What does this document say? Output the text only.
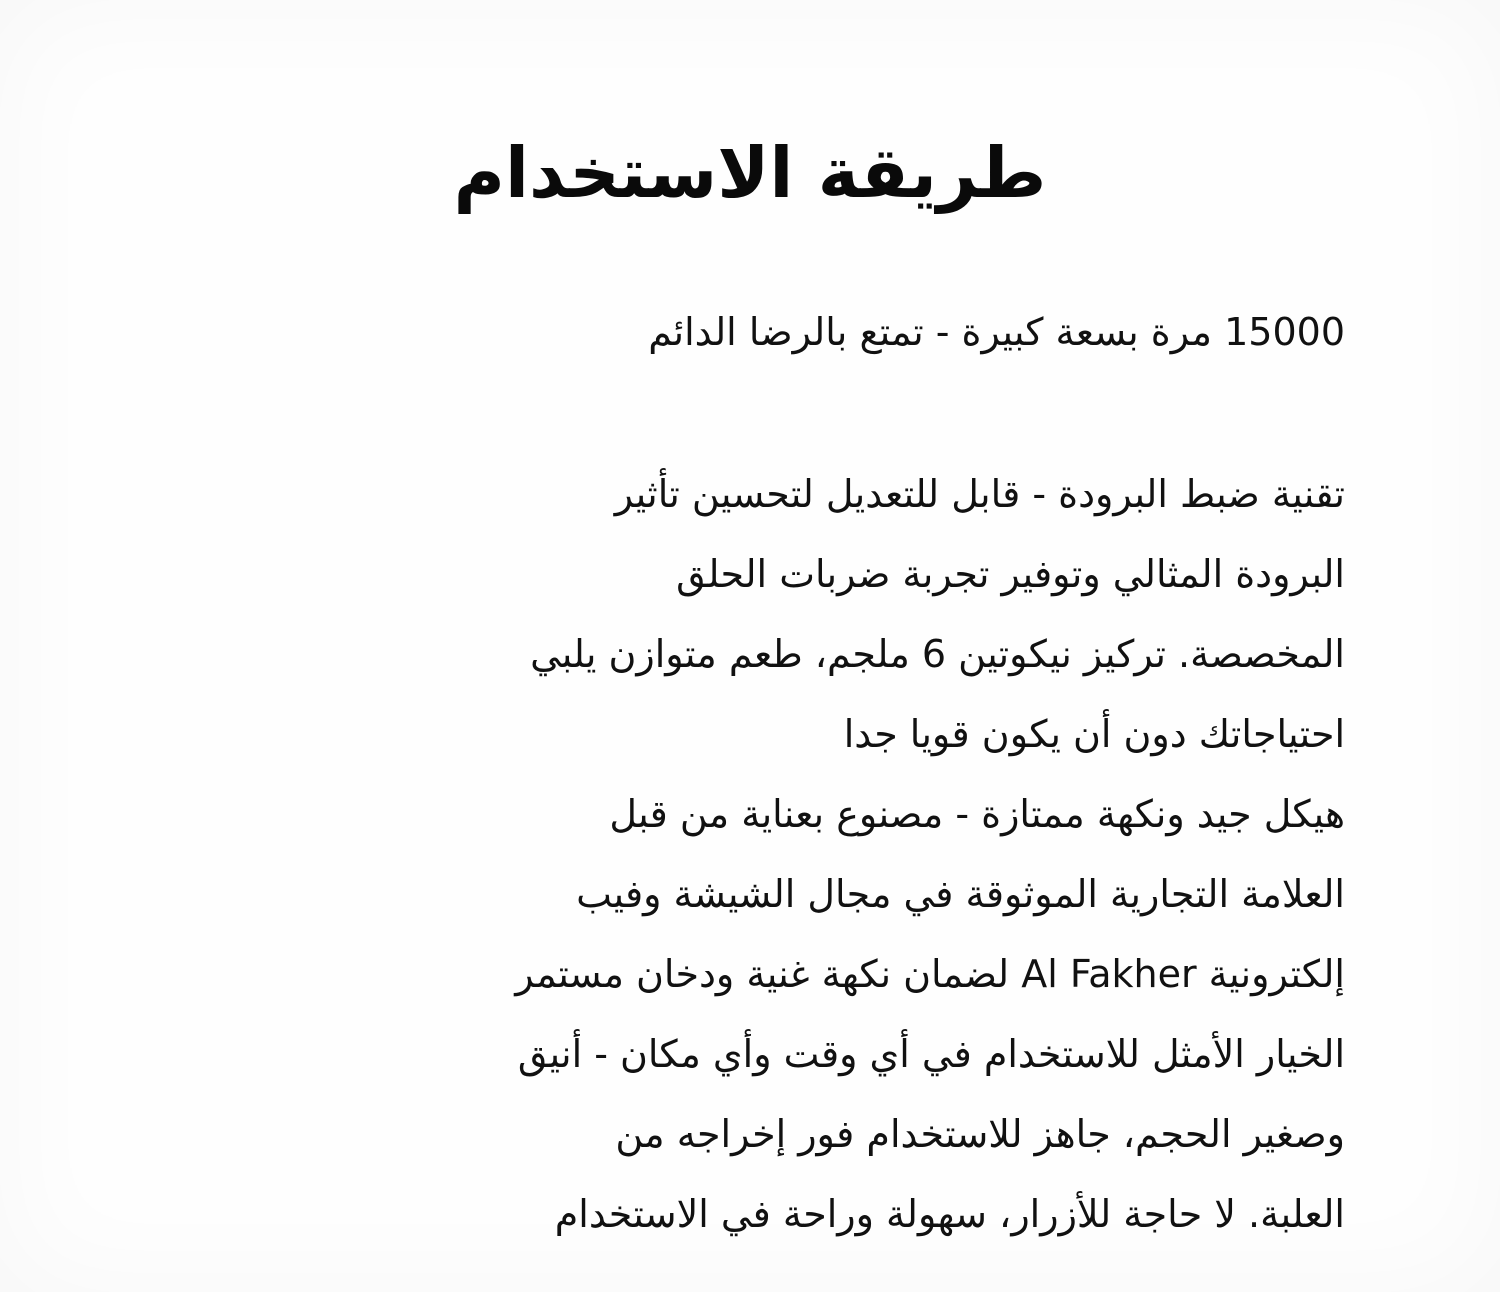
طريقة الاستخدام

15000 مرة بسعة كبيرة - تمتع بالرضا الدائم

تقنية ضبط البرودة - قابل للتعديل لتحسين تأثير
البرودة المثالي وتوفير تجربة ضربات الحلق
المخصصة. تركيز نيكوتين 6 ملجم، طعم متوازن يلبي
احتياجاتك دون أن يكون قويا جدا
هيكل جيد ونكهة ممتازة - مصنوع بعناية من قبل
العلامة التجارية الموثوقة في مجال الشيشة وفيب
إلكترونية Al Fakher لضمان نكهة غنية ودخان مستمر
الخيار الأمثل للاستخدام في أي وقت وأي مكان - أنيق
وصغير الحجم، جاهز للاستخدام فور إخراجه من
العلبة. لا حاجة للأزرار، سهولة وراحة في الاستخدام
